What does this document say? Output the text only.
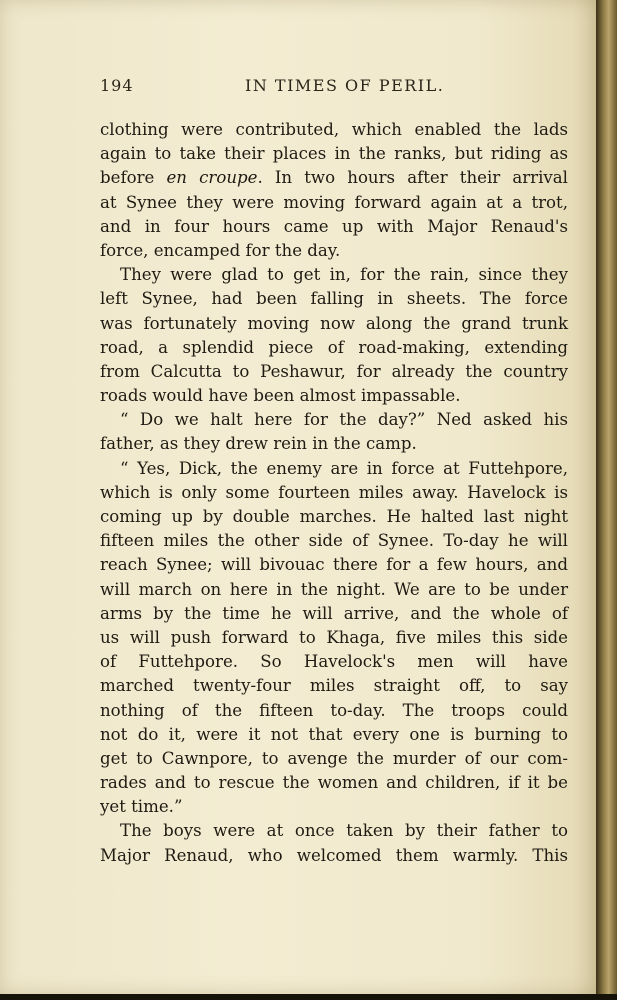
194	IN TIMES OF PERIL.
clothing were contributed, which enabled the lads
again to take their places in the ranks, but riding as
before en croupe. In two hours after their arrival
at Synee they were moving forward again at a trot,
and in four hours came up with Major Renaud's
force, encamped for the day.
They were glad to get in, for the rain, since they
left Synee, had been falling in sheets. The force
was fortunately moving now along the grand trunk
road, a splendid piece of road-making, extending
from Calcutta to Peshawur, for already the country
roads would have been almost impassable.
“ Do we halt here for the day?” Ned asked his
father, as they drew rein in the camp.
“ Yes, Dick, the enemy are in force at Futtehpore,
which is only some fourteen miles away. Havelock is
coming up by double marches. He halted last night
fifteen miles the other side of Synee. To-day he will
reach Synee; will bivouac there for a few hours, and
will march on here in the night. We are to be under
arms by the time he will arrive, and the whole of
us will push forward to Khaga, five miles this side
of Futtehpore. So Havelock's men will have
marched twenty-four miles straight off, to say
nothing of the fifteen to-day. The troops could
not do it, were it not that every one is burning to
get to Cawnpore, to avenge the murder of our com-
rades and to rescue the women and children, if it be
yet time.”
The boys were at once taken by their father to
Major Renaud, who welcomed them warmly. This
